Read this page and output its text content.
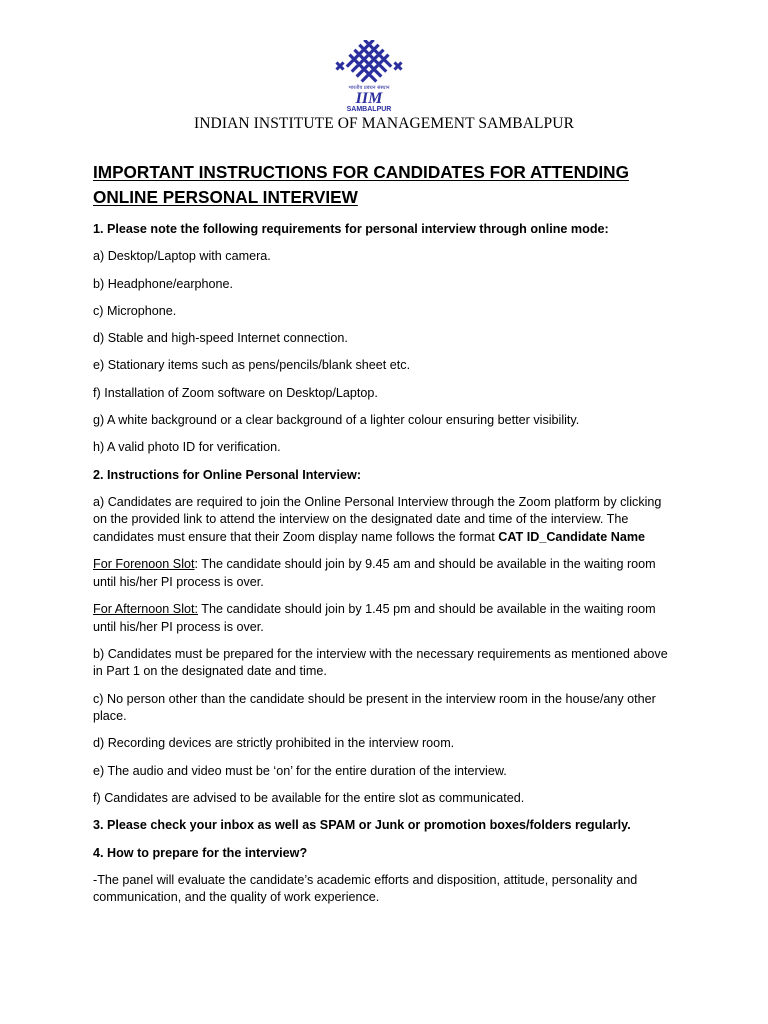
भारतीय प्रबंधन संस्थान
IIM
SAMBALPUR

INDIAN INSTITUTE OF MANAGEMENT SAMBALPUR

IMPORTANT INSTRUCTIONS FOR CANDIDATES FOR ATTENDING
ONLINE PERSONAL INTERVIEW

1. Please note the following requirements for personal interview through online mode:

a) Desktop/Laptop with camera.

b) Headphone/earphone.

c) Microphone.

d) Stable and high-speed Internet connection.

e) Stationary items such as pens/pencils/blank sheet etc.

f) Installation of Zoom software on Desktop/Laptop.

g) A white background or a clear background of a lighter colour ensuring better visibility.

h) A valid photo ID for verification.

2. Instructions for Online Personal Interview:

a) Candidates are required to join the Online Personal Interview through the Zoom platform by clicking on the provided link to attend the interview on the designated date and time of the interview. The candidates must ensure that their Zoom display name follows the format CAT ID_Candidate Name

For Forenoon Slot: The candidate should join by 9.45 am and should be available in the waiting room until his/her PI process is over.

For Afternoon Slot: The candidate should join by 1.45 pm and should be available in the waiting room until his/her PI process is over.

b) Candidates must be prepared for the interview with the necessary requirements as mentioned above in Part 1 on the designated date and time.

c) No person other than the candidate should be present in the interview room in the house/any other place.

d) Recording devices are strictly prohibited in the interview room.

e) The audio and video must be ‘on’ for the entire duration of the interview.

f) Candidates are advised to be available for the entire slot as communicated.

3. Please check your inbox as well as SPAM or Junk or promotion boxes/folders regularly.

4. How to prepare for the interview?

-The panel will evaluate the candidate’s academic efforts and disposition, attitude, personality and communication, and the quality of work experience.
